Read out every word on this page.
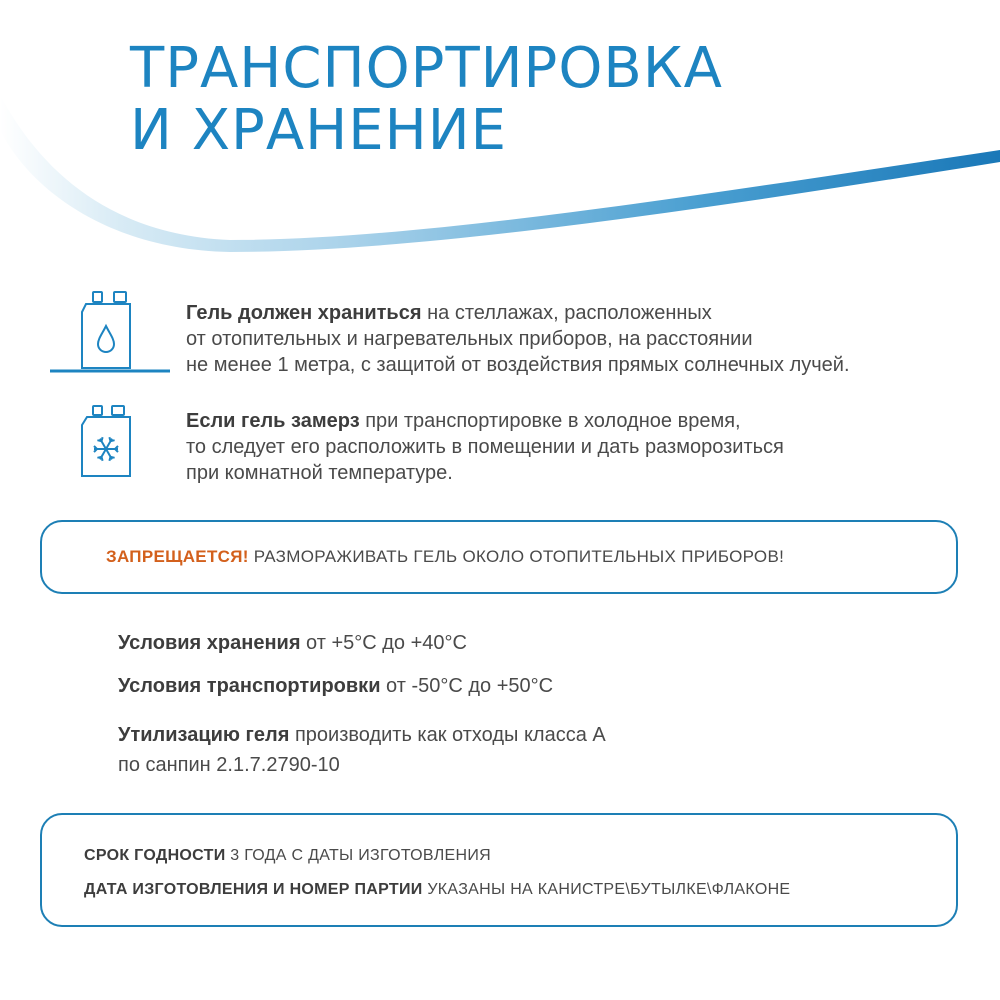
ТРАНСПОРТИРОВКА
И ХРАНЕНИЕ
Гель должен храниться на стеллажах, расположенных
от отопительных и нагревательных приборов, на расстоянии
не менее 1 метра, с защитой от воздействия прямых солнечных лучей.
Если гель замерз при транспортировке в холодное время,
то следует его расположить в помещении и дать разморозиться
при комнатной температуре.
ЗАПРЕЩАЕТСЯ! РАЗМОРАЖИВАТЬ ГЕЛЬ ОКОЛО ОТОПИТЕЛЬНЫХ ПРИБОРОВ!
Условия хранения от +5°С до +40°С
Условия транспортировки от -50°С до +50°С
Утилизацию геля производить как отходы класса А
по санпин 2.1.7.2790-10
СРОК ГОДНОСТИ 3 ГОДА С ДАТЫ ИЗГОТОВЛЕНИЯ
ДАТА ИЗГОТОВЛЕНИЯ И НОМЕР ПАРТИИ УКАЗАНЫ НА КАНИСТРЕ\БУТЫЛКЕ\ФЛАКОНЕ
